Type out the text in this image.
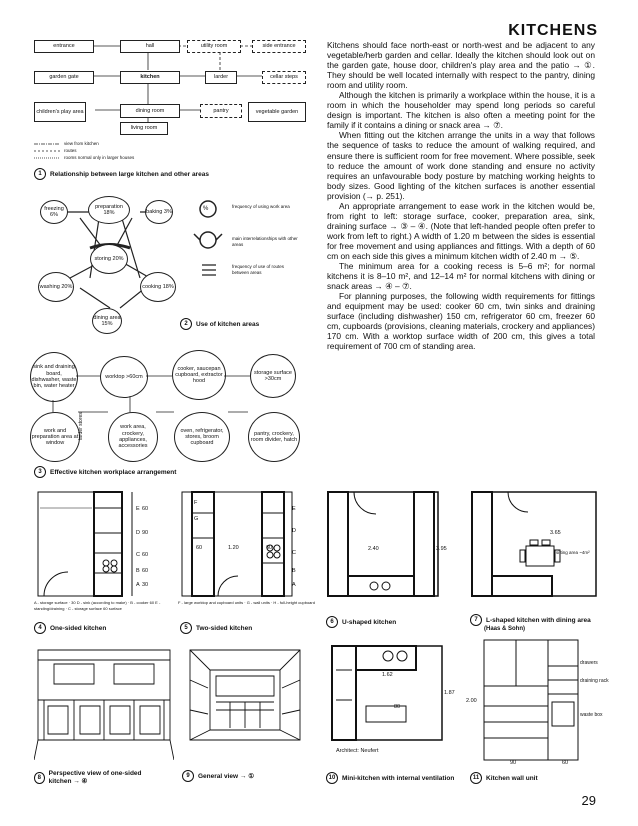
KITCHENS
entrance	hall	utility room	side entrance
garden gate	kitchen	larder	cellar steps
children's play area	dining room	pantry	vegetable garden
living room
view from kitchen
routes
rooms normal only in larger houses
1	Relationship between large kitchen and other areas
freezing 6%
preparation 18%	baking 3%
storing 20%
washing 20%	cooking 18%
dining area 15%
%	frequency of using work area
main interrelationships with other areas
frequency of use of routes between areas
2	Use of kitchen areas
sink and draining board, dishwasher, waste bin, water heater
worktop >60cm
cooker, saucepan cupboard, extractor hood
storage surface >30cm
work and preparation area at window
work area, crockery, appliances, accessories
oven, refrigerator, stores, broom cupboard
pantry, crockery, room divider, hatch
larder stores
3	Effective kitchen workplace arrangement

Kitchens should face north-east or north-west and be adjacent to any vegetable/herb garden and cellar. Ideally the kitchen should look out on the garden gate, house door, children's play area and the patio → ①. They should be well located internally with respect to the pantry, dining room and utility room.

Although the kitchen is primarily a workplace within the house, it is a room in which the householder may spend long periods so careful design is important. The kitchen is also often a meeting point for the family if it contains a dining or snack area → ⑦.

When fitting out the kitchen arrange the units in a way that follows the sequence of tasks to reduce the amount of walking required, and ensure there is sufficient room for free movement. Where possible, seek to reduce the amount of work done standing and ensure no activity requires an unfavourable body posture by matching working heights to body sizes. Good lighting of the kitchen surfaces is another essential provision (→ p. 251).

An appropriate arrangement to ease work in the kitchen would be, from right to left: storage surface, cooker, preparation area, sink, draining surface → ③ – ④. (Note that left-handed people often prefer to work from left to right.) A width of 1.20 m between the sides is essential for free movement and using appliances and fittings. With a depth of 60 cm on each side this gives a minimum kitchen width of 2.40 m → ⑤.

The minimum area for a cooking recess is 5–6 m²; for normal kitchens it is 8–10 m², and 12–14 m² for normal kitchens with dining or snack areas → ④ – ⑦.

For planning purposes, the following width requirements for fittings and equipment may be used: cooker 60 cm, twin sinks and draining surface (including dishwasher) 150 cm, refrigerator 60 cm, freezer 60 cm, cupboards (provisions, cleaning materials, crockery and appliances) 170 cm. With a worktop surface width of 200 cm, this gives a total requirement of 700 cm of standing area.

E 60
D 90
C 60
B 60
A 30
A - storage surface · 30 D - sink (according to make) · B - cooker 60 E - standing/draining · C - storage surface 60 surface
4	One-sided kitchen
F
G
E
D
C
B
A
60	1.20	60
F - large worktop and cupboard units · G - wall units · H - full-height cupboard
5	Two-sided kitchen
2.40	3.95
6	U-shaped kitchen
3.65
sitting area ~4m²
7	L-shaped kitchen with dining area
(Haas & Sohn)
8
Perspective view of one-sided kitchen → ④
9	General view → ①
1.62
80
1.87
Architect: Neufert
10	Mini-kitchen with internal ventilation
drawers
draining rack
waste box
2.00
90	60
11	Kitchen wall unit
29
